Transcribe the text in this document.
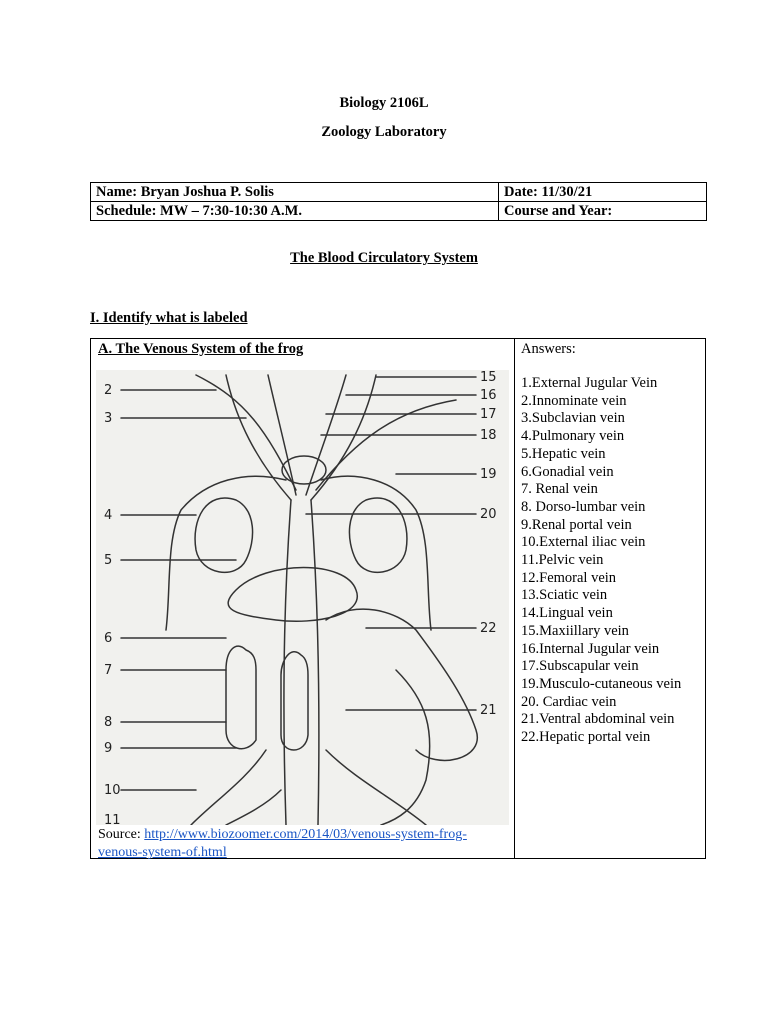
Biology 2106L
Zoology Laboratory
Name: Bryan Joshua P. Solis	Date: 11/30/21
Schedule: MW – 7:30-10:30 A.M.	Course and Year:
The Blood Circulatory System
I. Identify what is labeled
A. The Venous System of the frog
2
3
4
5
6
7
8
9
10
11
15
16
17
18
19
20
22
21
Source: http://www.biozoomer.com/2014/03/venous-system-frog-venous-system-of.html
Answers:
1.External Jugular Vein
2.Innominate vein
3.Subclavian vein
4.Pulmonary vein
5.Hepatic vein
6.Gonadial vein
7. Renal vein
8. Dorso-lumbar vein
9.Renal portal vein
10.External iliac vein
11.Pelvic vein
12.Femoral vein
13.Sciatic vein
14.Lingual vein
15.Maxiillary vein
16.Internal Jugular vein
17.Subscapular vein
19.Musculo-cutaneous vein
20. Cardiac vein
21.Ventral abdominal vein
22.Hepatic portal vein
